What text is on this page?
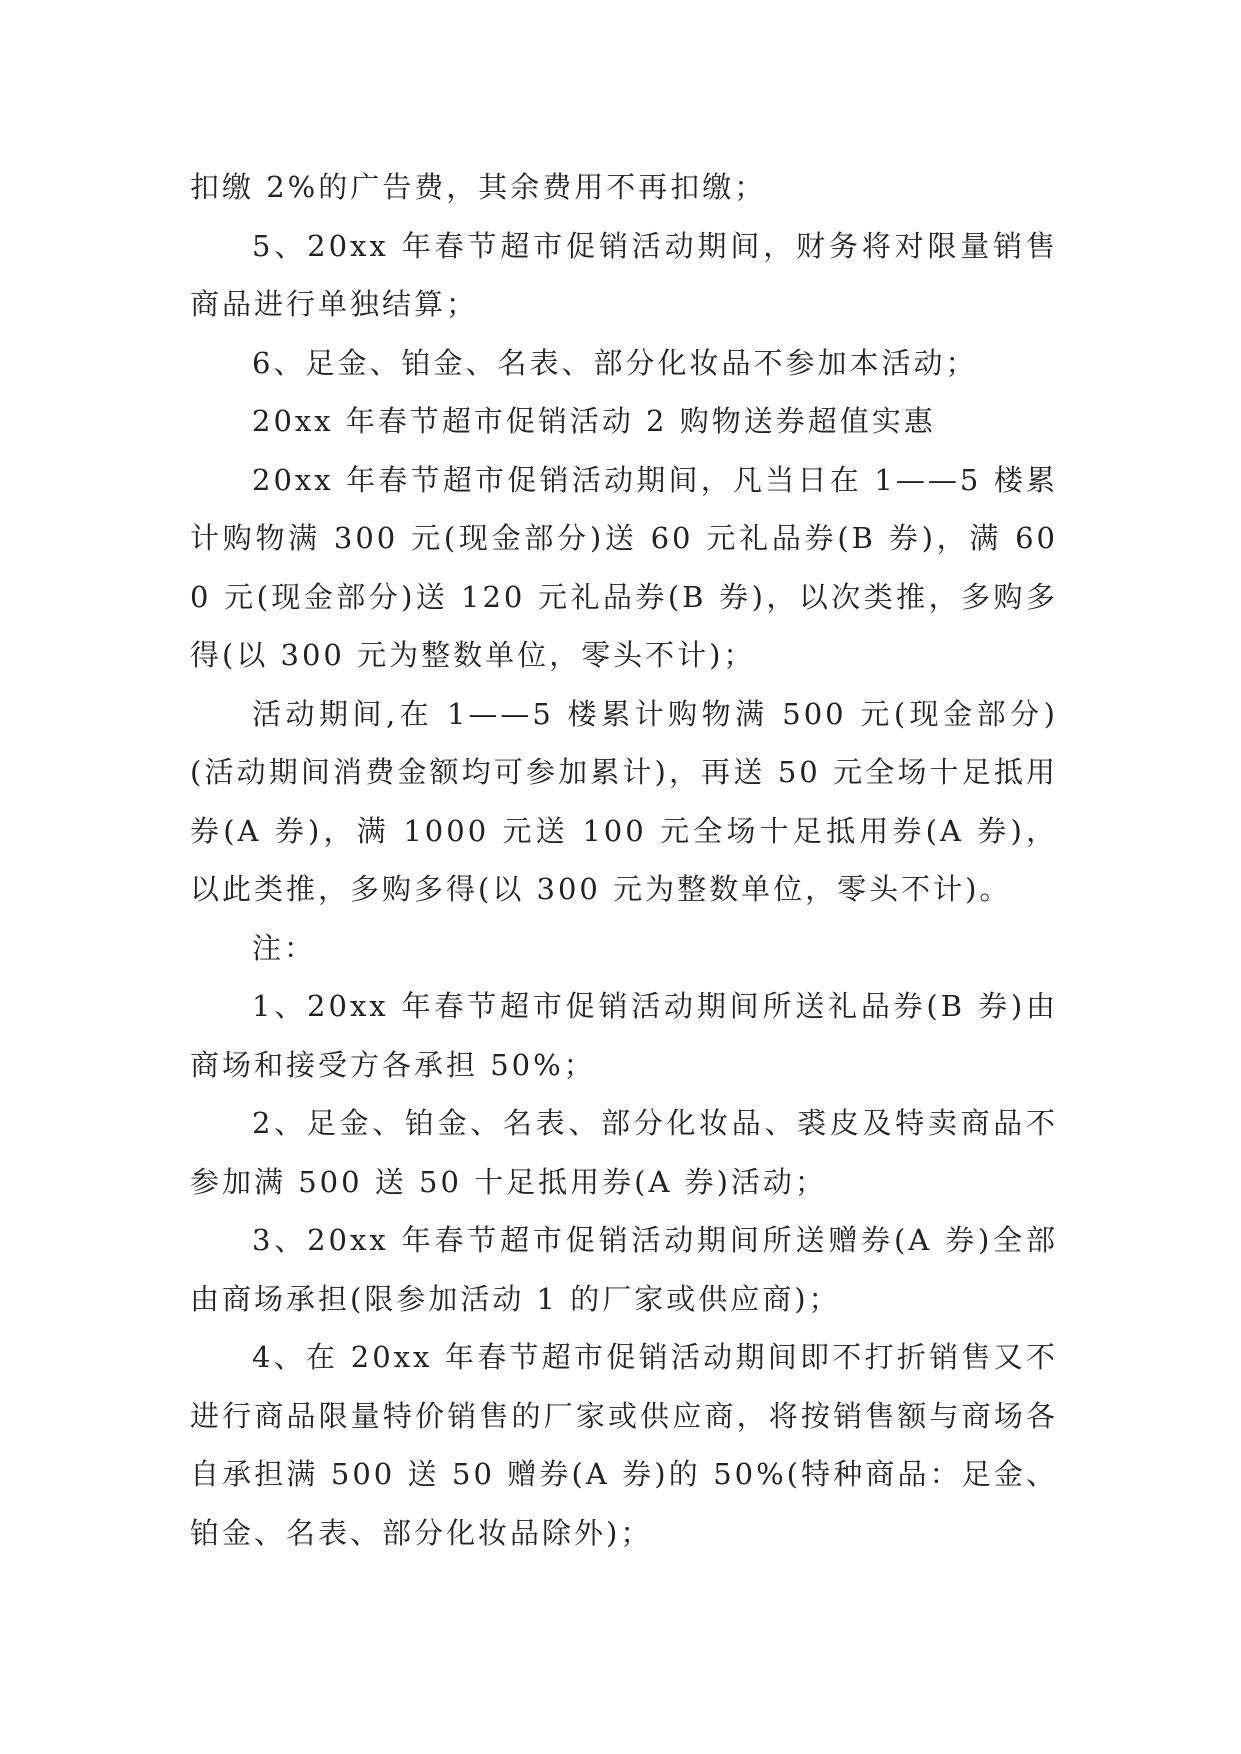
扣缴 2%的广告费，其余费用不再扣缴；

5、20xx 年春节超市促销活动期间，财务将对限量销售商品进行单独结算；

6、足金、铂金、名表、部分化妆品不参加本活动；

20xx 年春节超市促销活动 2 购物送券超值实惠

20xx 年春节超市促销活动期间，凡当日在 1——5 楼累计购物满 300 元(现金部分)送 60 元礼品券(B 券)，满 600 元(现金部分)送 120 元礼品券(B 券)，以次类推，多购多得(以 300 元为整数单位，零头不计)；

活动期间,在 1——5 楼累计购物满 500 元(现金部分)(活动期间消费金额均可参加累计)，再送 50 元全场十足抵用券(A 券)，满 1000 元送 100 元全场十足抵用券(A 券)，以此类推，多购多得(以 300 元为整数单位，零头不计)。

注：

1、20xx 年春节超市促销活动期间所送礼品券(B 券)由商场和接受方各承担 50%；

2、足金、铂金、名表、部分化妆品、裘皮及特卖商品不参加满 500 送 50 十足抵用券(A 券)活动；

3、20xx 年春节超市促销活动期间所送赠券(A 券)全部由商场承担(限参加活动 1 的厂家或供应商)；

4、在 20xx 年春节超市促销活动期间即不打折销售又不进行商品限量特价销售的厂家或供应商，将按销售额与商场各自承担满 500 送 50 赠券(A 券)的 50%(特种商品：足金、铂金、名表、部分化妆品除外)；
